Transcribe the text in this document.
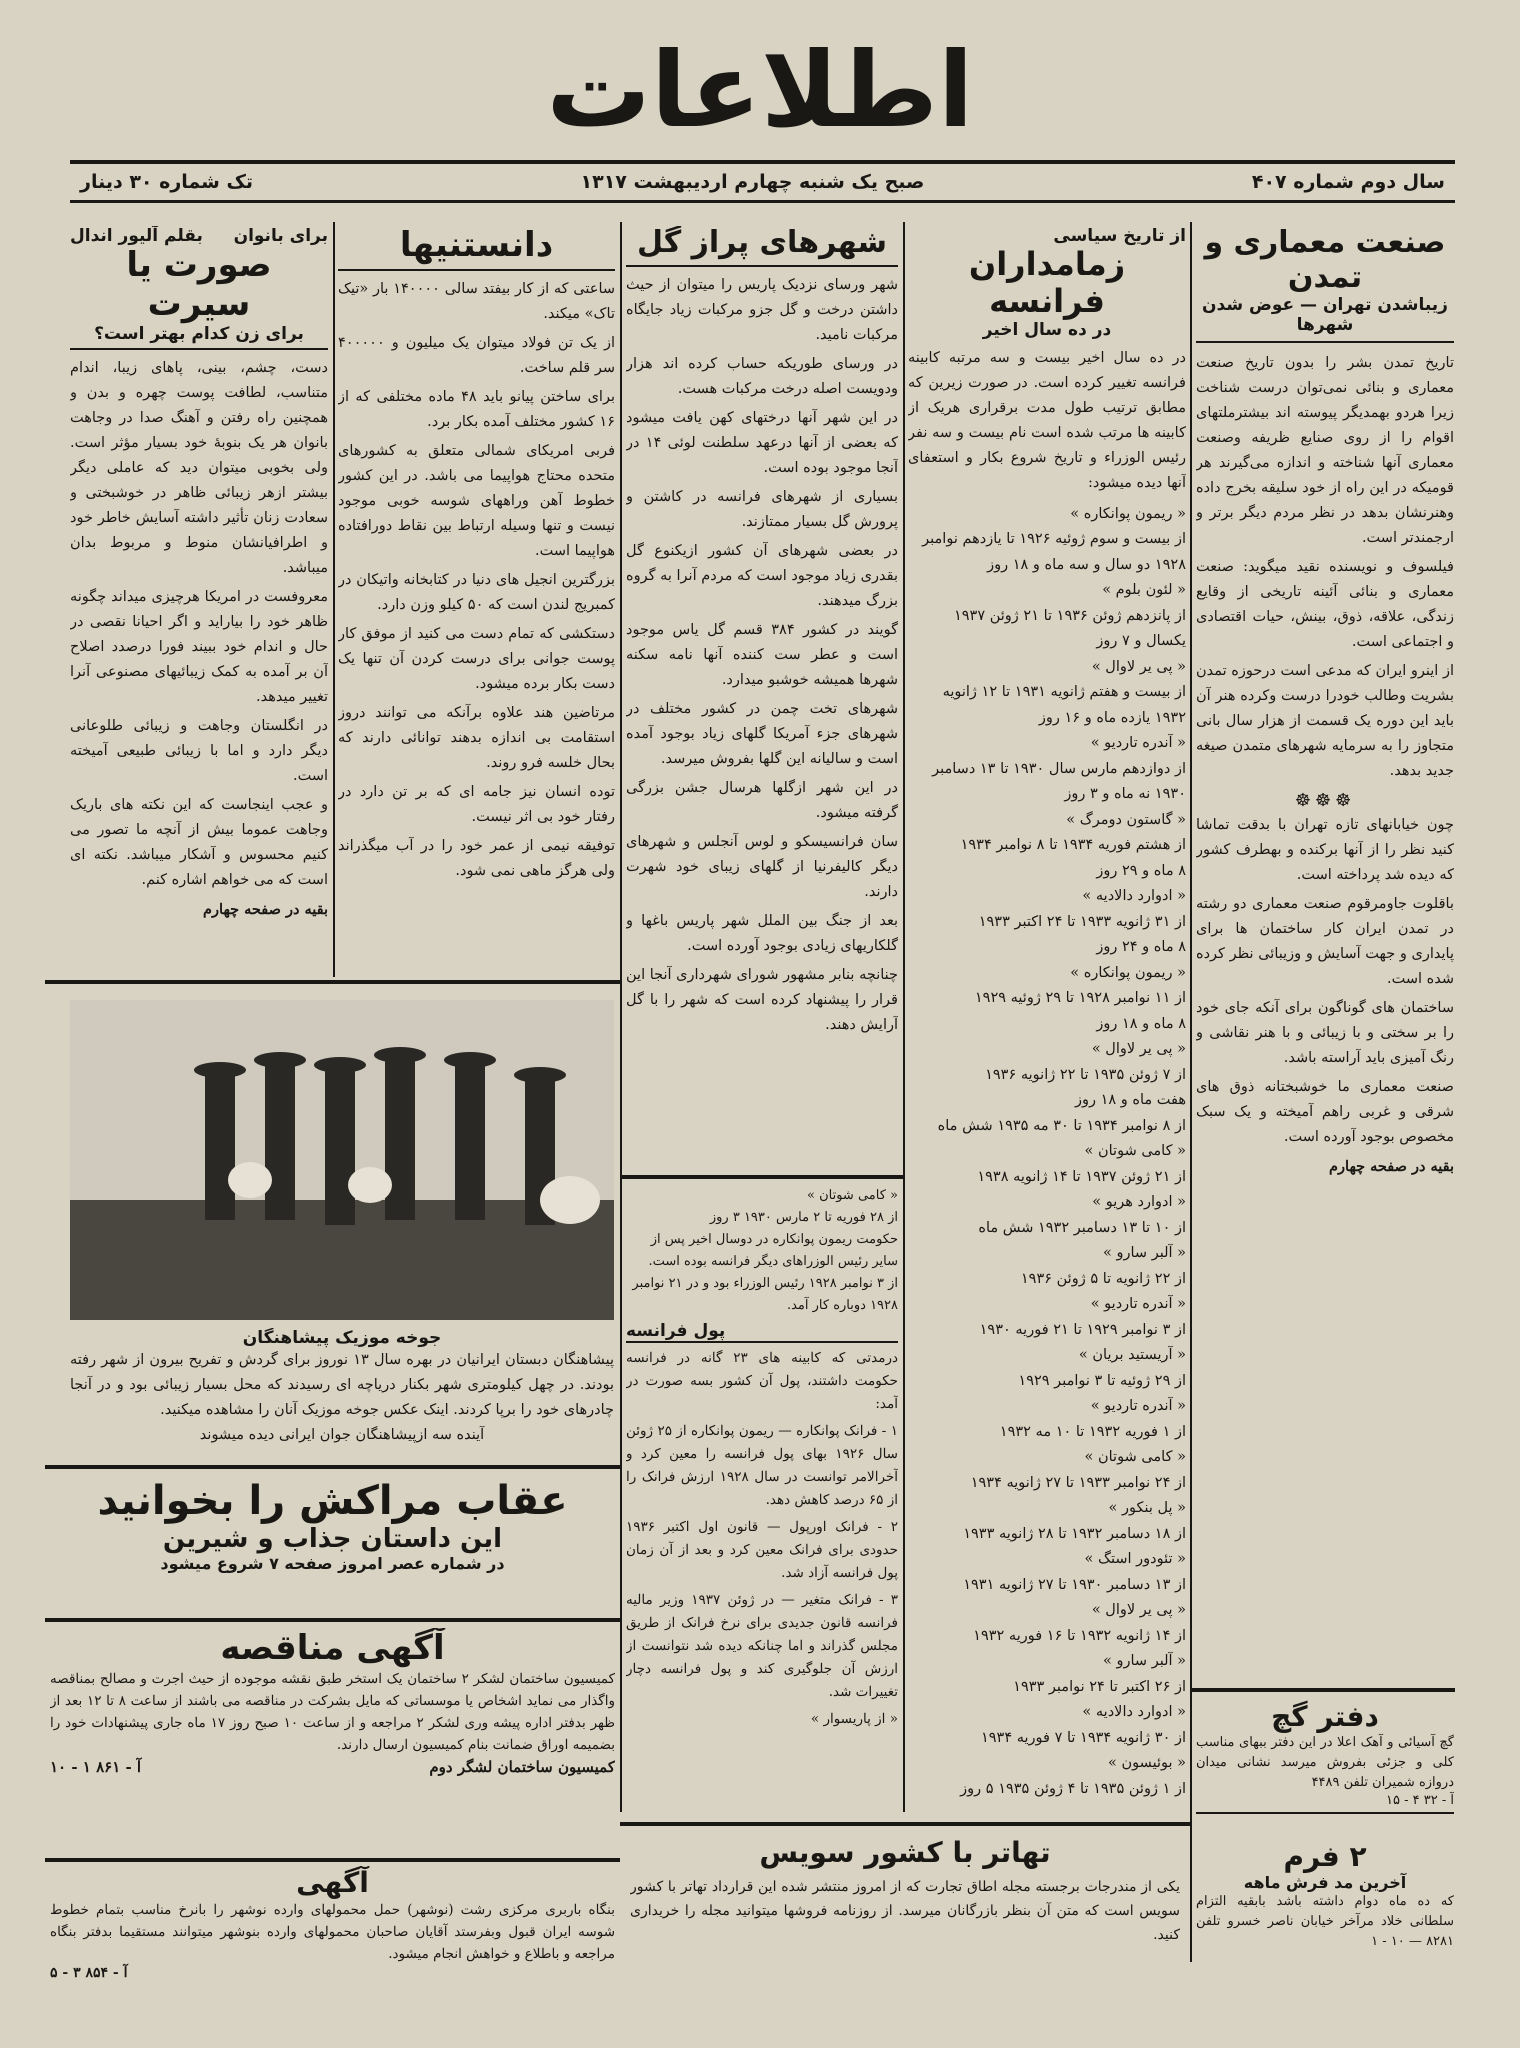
اطلاعات
سال دوم شماره ۴۰۷
صبح یک شنبه چهارم اردیبهشت ۱۳۱۷
تک شماره ۳۰ دینار
صنعت معماری و تمدن
زیباشدن تهران — عوض شدن شهرها

تاریخ تمدن بشر را بدون تاریخ صنعت معماری و بنائی نمی‌توان درست شناخت زیرا هردو بهمدیگر پیوسته اند بیشترملتهای اقوام را از روی صنایع ظریفه وصنعت معماری آنها شناخته و اندازه می‌گیرند هر قومیکه در این راه از خود سلیقه بخرج داده وهنرنشان بدهد در نظر مردم دیگر برتر و ارجمندتر است.

فیلسوف و نویسنده نقید میگوید: صنعت معماری و بنائی آئینه تاریخی از وقایع زندگی، علاقه، ذوق، بینش، حیات اقتصادی و اجتماعی است.

از اینرو ایران که مدعی است درحوزه تمدن بشریت وطالب خودرا درست وکرده هنر آن باید این دوره یک قسمت از هزار سال بانی متجاوز را به سرمایه شهرهای متمدن صیغه جدید بدهد.

☸☸☸

چون خیابانهای تازه تهران با بدقت تماشا کنید نظر را از آنها برکنده و بهطرف کشور که دیده شد پرداخته است.

باقلوت جاومرقوم صنعت معماری دو رشته در تمدن ایران کار ساختمان ها برای پایداری و جهت آسایش و وزیبائی نظر کرده شده است.

ساختمان های گوناگون برای آنکه جای خود را بر سختی و با زیبائی و با هنر نقاشی و رنگ آمیزی باید آراسته باشد.

صنعت معماری ما خوشبختانه ذوق های شرقی و غربی راهم آمیخته و یک سبک مخصوص بوجود آورده است.

بقیه در صفحه چهارم

دفتر گچ
گچ آسیائی و آهک اعلا در این دفتر ببهای مناسب کلی و جزئی بفروش میرسد نشانی میدان دروازه شمیران تلفن ۴۴۸۹
آ - ۳۲ ۴ - ۱۵
۲ فرم
آخرین مد فرش ماهه
که ده ماه دوام داشته باشد بابقیه التزام سلطانی خلاد مرآخر خیابان ناصر خسرو تلفن ۸۲۸۱ — ۱۰ - ۱
از تاریخ سیاسی
زمامداران فرانسه
در ده سال اخیر
در ده سال اخیر بیست و سه مرتبه کابینه فرانسه تغییر کرده است. در صورت زیرین که مطابق ترتیب طول مدت برقراری هریک از کابینه ها مرتب شده است نام بیست و سه نفر رئیس الوزراء و تاریخ شروع بکار و استعفای آنها دیده میشود:
« ریمون پوانکاره »
از بیست و سوم ژوئیه ۱۹۲۶ تا یازدهم نوامبر
۱۹۲۸ دو سال و سه ماه و ۱۸ روز
« لئون بلوم »
از پانزدهم ژوئن ۱۹۳۶ تا ۲۱ ژوئن ۱۹۳۷
یکسال و ۷ روز
« پی یر لاوال »
از بیست و هفتم ژانویه ۱۹۳۱ تا ۱۲ ژانویه
۱۹۳۲ یازده ماه و ۱۶ روز
« آندره تاردیو »
از دوازدهم مارس سال ۱۹۳۰ تا ۱۳ دسامبر
۱۹۳۰ نه ماه و ۳ روز
« گاستون دومرگ »
از هشتم فوریه ۱۹۳۴ تا ۸ نوامبر ۱۹۳۴
۸ ماه و ۲۹ روز
« ادوارد دالادیه »
از ۳۱ ژانویه ۱۹۳۳ تا ۲۴ اکتبر ۱۹۳۳
۸ ماه و ۲۴ روز
« ریمون پوانکاره »
از ۱۱ نوامبر ۱۹۲۸ تا ۲۹ ژوئیه ۱۹۲۹
۸ ماه و ۱۸ روز
« پی یر لاوال »
از ۷ ژوئن ۱۹۳۵ تا ۲۲ ژانویه ۱۹۳۶
هفت ماه و ۱۸ روز
از ۸ نوامبر ۱۹۳۴ تا ۳۰ مه ۱۹۳۵ شش ماه
« کامی شوتان »
از ۲۱ ژوئن ۱۹۳۷ تا ۱۴ ژانویه ۱۹۳۸
« ادوارد هریو »
از ۱۰ تا ۱۳ دسامبر ۱۹۳۲ شش ماه
« آلبر سارو »
از ۲۲ ژانویه تا ۵ ژوئن ۱۹۳۶
« آندره تاردیو »
از ۳ نوامبر ۱۹۲۹ تا ۲۱ فوریه ۱۹۳۰
« آریستید بریان »
از ۲۹ ژوئیه تا ۳ نوامبر ۱۹۲۹
« آندره تاردیو »
از ۱ فوریه ۱۹۳۲ تا ۱۰ مه ۱۹۳۲
« کامی شوتان »
از ۲۴ نوامبر ۱۹۳۳ تا ۲۷ ژانویه ۱۹۳۴
« پل بنکور »
از ۱۸ دسامبر ۱۹۳۲ تا ۲۸ ژانویه ۱۹۳۳
« تئودور استگ »
از ۱۳ دسامبر ۱۹۳۰ تا ۲۷ ژانویه ۱۹۳۱
« پی یر لاوال »
از ۱۴ ژانویه ۱۹۳۲ تا ۱۶ فوریه ۱۹۳۲
« آلبر سارو »
از ۲۶ اکتبر تا ۲۴ نوامبر ۱۹۳۳
« ادوارد دالادیه »
از ۳۰ ژانویه ۱۹۳۴ تا ۷ فوریه ۱۹۳۴
« بوئیسون »
از ۱ ژوئن ۱۹۳۵ تا ۴ ژوئن ۱۹۳۵ ۵ روز
شهرهای پراز گل

شهر ورسای نزدیک پاریس را میتوان از حیث داشتن درخت و گل جزو مرکبات زیاد جایگاه مرکبات نامید.

در ورسای طوریکه حساب کرده اند هزار ودویست اصله درخت مرکبات هست.

در این شهر آنها درختهای کهن یافت میشود که بعضی از آنها درعهد سلطنت لوئی ۱۴ در آنجا موجود بوده است.

بسیاری از شهرهای فرانسه در کاشتن و پرورش گل بسیار ممتازند.

در بعضی شهرهای آن کشور ازیکنوع گل بقدری زیاد موجود است که مردم آنرا به گروه بزرگ میدهند.

گویند در کشور ۳۸۴ قسم گل یاس موجود است و عطر ست کننده آنها نامه سکنه شهرها همیشه خوشبو میدارد.

شهرهای تخت چمن در کشور مختلف در شهرهای جزء آمریکا گلهای زیاد بوجود آمده است و سالیانه این گلها بفروش میرسد.

در این شهر ازگلها هرسال جشن بزرگی گرفته میشود.

سان فرانسیسکو و لوس آنجلس و شهرهای دیگر کالیفرنیا از گلهای زیبای خود شهرت دارند.

بعد از جنگ بین الملل شهر پاریس باغها و گلکاریهای زیادی بوجود آورده است.

چنانچه بنابر مشهور شورای شهرداری آنجا این قرار را پیشنهاد کرده است که شهر را با گل آرایش دهند.

« کامی شوتان »
از ۲۸ فوریه تا ۲ مارس ۱۹۳۰ ۳ روز
حکومت ریمون پوانکاره در دوسال اخیر پس از سایر رئیس الوزراهای دیگر فرانسه بوده است.
از ۳ نوامبر ۱۹۲۸ رئیس الوزراء بود و در ۲۱ نوامبر ۱۹۲۸ دوباره کار آمد.
پول فرانسه

درمدتی که کابینه های ۲۳ گانه در فرانسه حکومت داشتند، پول آن کشور بسه صورت در آمد:

۱ - فرانک پوانکاره — ریمون پوانکاره از ۲۵ ژوئن سال ۱۹۲۶ بهای پول فرانسه را معین کرد و آخرالامر توانست در سال ۱۹۲۸ ارزش فرانک را از ۶۵ درصد کاهش دهد.

۲ - فرانک اورپول — قانون اول اکتبر ۱۹۳۶ حدودی برای فرانک معین کرد و بعد از آن زمان پول فرانسه آزاد شد.

۳ - فرانک متغیر — در ژوئن ۱۹۳۷ وزیر مالیه فرانسه قانون جدیدی برای نرخ فرانک از طریق مجلس گذراند و اما چنانکه دیده شد نتوانست از ارزش آن جلوگیری کند و پول فرانسه دچار تغییرات شد.

« از پاریسوار »

دانستنیها

ساعتی که از کار بیفتد سالی ۱۴۰۰۰۰ بار «تیک تاک» میکند.

از یک تن فولاد میتوان یک میلیون و ۴۰۰۰۰۰ سر قلم ساخت.

برای ساختن پیانو باید ۴۸ ماده مختلفی که از ۱۶ کشور مختلف آمده بکار برد.

فربی امریکای شمالی متعلق به کشورهای متحده محتاج هواپیما می باشد. در این کشور خطوط آهن وراههای شوسه خوبی موجود نیست و تنها وسیله ارتباط بین نقاط دورافتاده هواپیما است.

بزرگترین انجیل های دنیا در کتابخانه واتیکان در کمبریج لندن است که ۵۰ کیلو وزن دارد.

دستکشی که تمام دست می کنید از موفق کار پوست جوانی برای درست کردن آن تنها یک دست بکار برده میشود.

مرتاضین هند علاوه برآنکه می توانند دروز استقامت بی اندازه بدهند توانائی دارند که بحال خلسه فرو روند.

توده انسان نیز جامه ای که بر تن دارد در رفتار خود بی اثر نیست.

توفیقه نیمی از عمر خود را در آب میگذراند ولی هرگز ماهی نمی شود.

برای بانوان
بقلم آلیور اندال
صورت یا سیرت
برای زن کدام بهتر است؟

دست، چشم، بینی، پاهای زیبا، اندام متناسب، لطافت پوست چهره و بدن و همچنین راه رفتن و آهنگ صدا در وجاهت بانوان هر یک بنوبهٔ خود بسیار مؤثر است. ولی بخوبی میتوان دید که عاملی دیگر بیشتر ازهر زیبائی ظاهر در خوشبختی و سعادت زنان تأثیر داشته آسایش خاطر خود و اطرافیانشان منوط و مربوط بدان میباشد.

معروفست در امریکا هرچیزی میداند چگونه ظاهر خود را بیاراید و اگر احیانا نقصی در حال و اندام خود ببیند فورا درصدد اصلاح آن بر آمده به کمک زیبائیهای مصنوعی آنرا تغییر میدهد.

در انگلستان وجاهت و زیبائی طلوعانی دیگر دارد و اما با زیبائی طبیعی آمیخته است.

و عجب اینجاست که این نکته های باریک وجاهت عموما بیش از آنچه ما تصور می کنیم محسوس و آشکار میباشد. نکته ای است که می خواهم اشاره کنم.

بقیه در صفحه چهارم

جوخه موزیک پیشاهنگان
پیشاهنگان دبستان ایرانیان در بهره سال ۱۳ نوروز برای گردش و تفریح بیرون از شهر رفته بودند. در چهل کیلومتری شهر بکنار دریاچه ای رسیدند که محل بسیار زیبائی بود و در آنجا چادرهای خود را برپا کردند. اینک عکس جوخه موزیک آنان را مشاهده میکنید.
آینده سه ازپیشاهنگان جوان ایرانی دیده میشوند
عقاب مراکش را بخوانید
این داستان جذاب و شیرین
در شماره عصر امروز صفحه ۷ شروع میشود
آگهی مناقصه
کمیسیون ساختمان لشکر ۲ ساختمان یک استخر طبق نقشه موجوده از حیث اجرت و مصالح بمناقصه واگذار می نماید اشخاص یا موسساتی که مایل بشرکت در مناقصه می باشند از ساعت ۸ تا ۱۲ بعد از ظهر بدفتر اداره پیشه وری لشکر ۲ مراجعه و از ساعت ۱۰ صبح روز ۱۷ ماه جاری پیشنهادات خود را بضمیمه اوراق ضمانت بنام کمیسیون ارسال دارند.
کمیسیون ساختمان لشگر دوم
آ - ۸۶۱ ۱ - ۱۰
آگهی
بنگاه باربری مرکزی رشت (نوشهر) حمل محمولهای وارده نوشهر را بانرخ مناسب بتمام خطوط شوسه ایران قبول وبفرستد آقایان صاحبان محمولهای وارده بنوشهر میتوانند مستقیما بدفتر بنگاه مراجعه و باطلاع و خواهش انجام میشود.
آ - ۸۵۴ ۳ - ۵
تهاتر با کشور سویس
یکی از مندرجات برجسته مجله اطاق تجارت که از امروز منتشر شده این قرارداد تهاتر با کشور سویس است که متن آن بنظر بازرگانان میرسد. از روزنامه فروشها میتوانید مجله را خریداری کنید.
